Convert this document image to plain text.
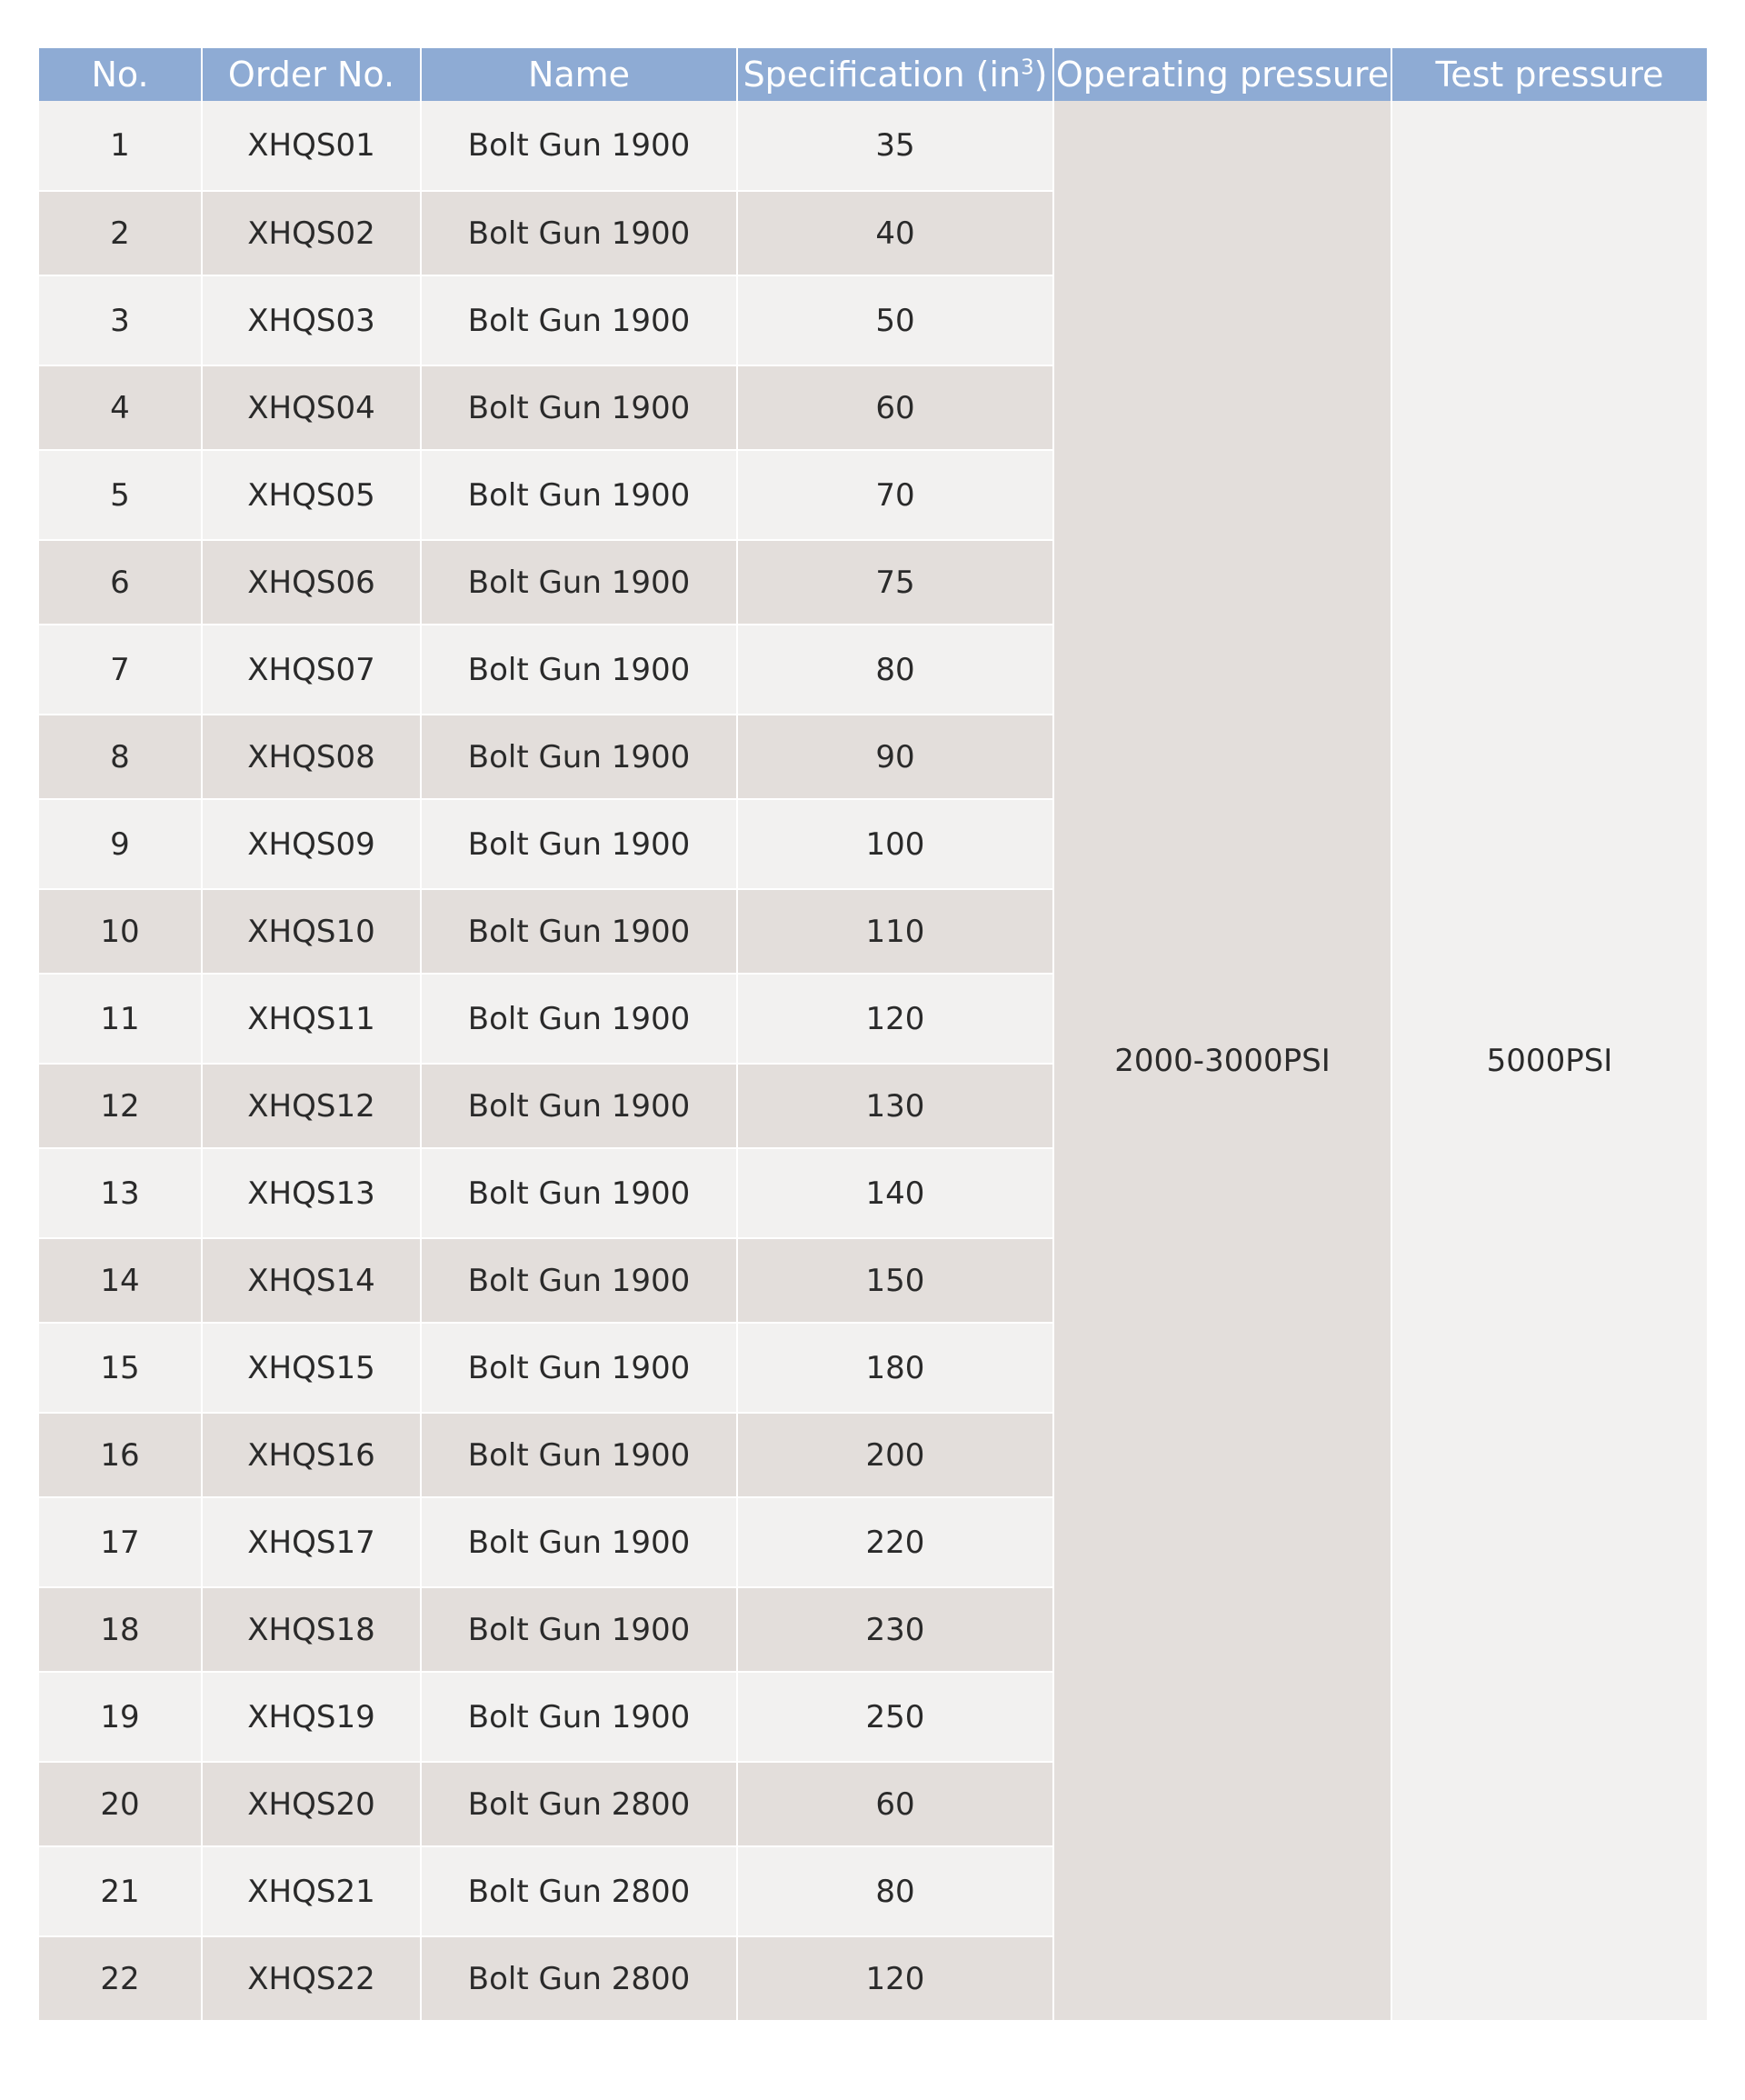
No.	Order No.	Name	Specification $(in^3)$	Operating pressure	Test pressure
1	XHQS01	Bolt Gun 1900	35	2000-3000PSI	5000PSI
2	XHQS02	Bolt Gun 1900	40		
3	XHQS03	Bolt Gun 1900	50		
4	XHQS04	Bolt Gun 1900	60		
5	XHQS05	Bolt Gun 1900	70		
6	XHQS06	Bolt Gun 1900	75		
7	XHQS07	Bolt Gun 1900	80		
8	XHQS08	Bolt Gun 1900	90		
9	XHQS09	Bolt Gun 1900	100		
10	XHQS10	Bolt Gun 1900	110		
11	XHQS11	Bolt Gun 1900	120		
12	XHQS12	Bolt Gun 1900	130		
13	XHQS13	Bolt Gun 1900	140		
14	XHQS14	Bolt Gun 1900	150		
15	XHQS15	Bolt Gun 1900	180		
16	XHQS16	Bolt Gun 1900	200		
17	XHQS17	Bolt Gun 1900	220		
18	XHQS18	Bolt Gun 1900	230		
19	XHQS19	Bolt Gun 1900	250		
20	XHQS20	Bolt Gun 2800	60		
21	XHQS21	Bolt Gun 2800	80		
22	XHQS22	Bolt Gun 2800	120		
